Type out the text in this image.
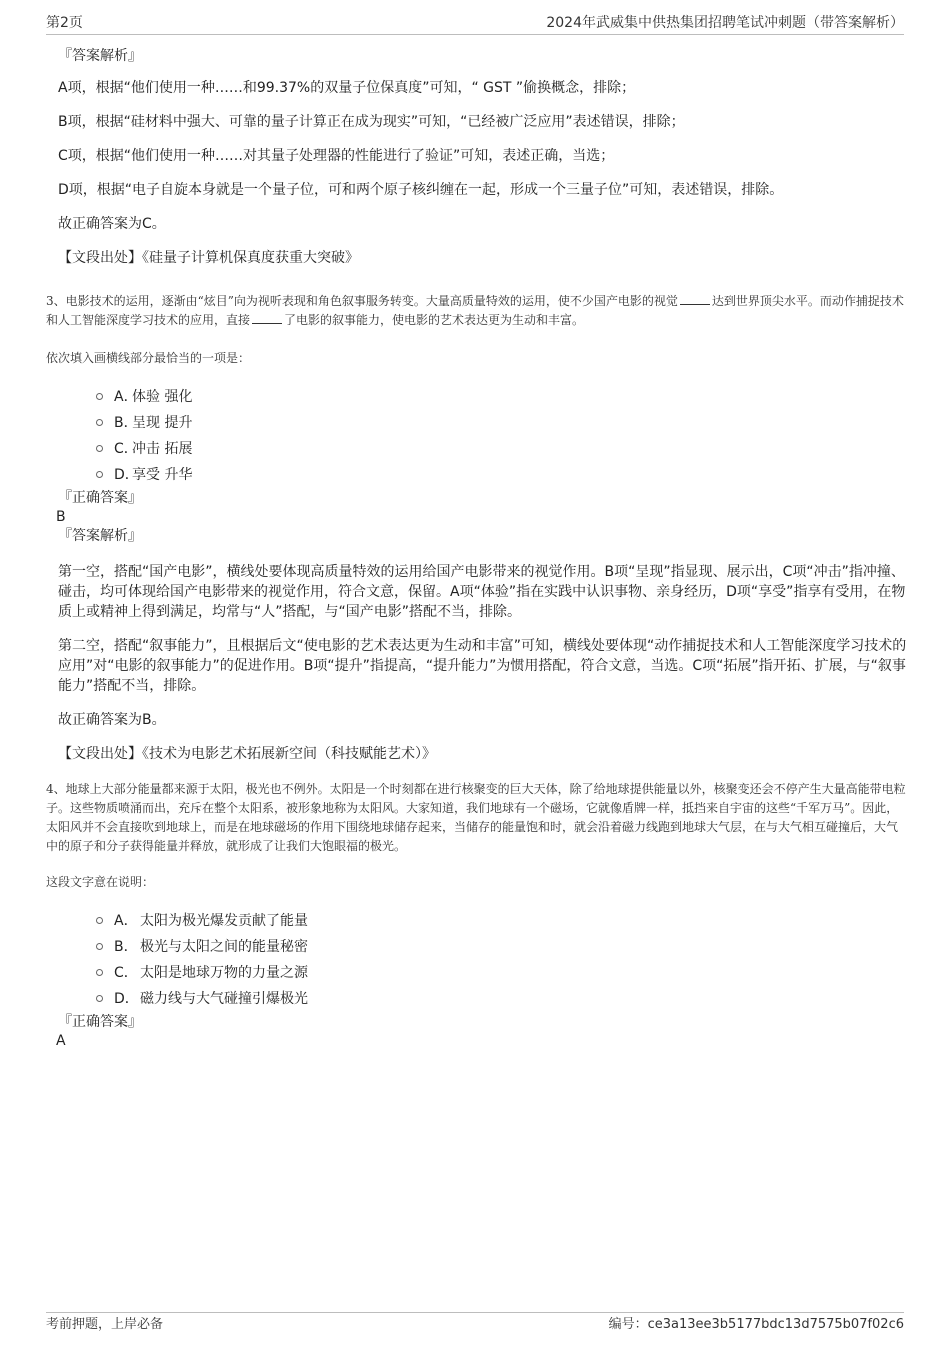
第2页	2024年武威集中供热集团招聘笔试冲刺题（带答案解析）

『答案解析』

A项，根据“他们使用一种……和99.37%的双量子位保真度”可知，“ GST ”偷换概念，排除；

B项，根据“硅材料中强大、可靠的量子计算正在成为现实”可知，“已经被广泛应用”表述错误，排除；

C项，根据“他们使用一种……对其量子处理器的性能进行了验证”可知，表述正确，当选；

D项，根据“电子自旋本身就是一个量子位，可和两个原子核纠缠在一起，形成一个三量子位”可知，表述错误，排除。

故正确答案为C。

【文段出处】《硅量子计算机保真度获重大突破》

3、电影技术的运用，逐渐由“炫目”向为视听表现和角色叙事服务转变。大量高质量特效的运用，使不少国产电影的视觉	达到世界顶尖水平。而动作捕捉技术和人工智能深度学习技术的应用，直接	了电影的叙事能力，使电影的艺术表达更为生动和丰富。

依次填入画横线部分最恰当的一项是：

A．体验 强化
B．呈现 提升
C．冲击 拓展
D．享受 升华

『正确答案』

B

『答案解析』

第一空，搭配“国产电影”，横线处要体现高质量特效的运用给国产电影带来的视觉作用。B项“呈现”指显现、展示出，C项“冲击”指冲撞、碰击，均可体现给国产电影带来的视觉作用，符合文意，保留。A项“体验”指在实践中认识事物、亲身经历，D项“享受”指享有受用，在物质上或精神上得到满足，均常与“人”搭配，与“国产电影”搭配不当，排除。

第二空，搭配“叙事能力”，且根据后文“使电影的艺术表达更为生动和丰富”可知，横线处要体现“动作捕捉技术和人工智能深度学习技术的应用”对“电影的叙事能力”的促进作用。B项“提升”指提高，“提升能力”为惯用搭配，符合文意，当选。C项“拓展”指开拓、扩展，与“叙事能力”搭配不当，排除。

故正确答案为B。

【文段出处】《技术为电影艺术拓展新空间（科技赋能艺术）》

4、地球上大部分能量都来源于太阳，极光也不例外。太阳是一个时刻都在进行核聚变的巨大天体，除了给地球提供能量以外，核聚变还会不停产生大量高能带电粒子。这些物质喷涌而出，充斥在整个太阳系，被形象地称为太阳风。大家知道，我们地球有一个磁场，它就像盾牌一样，抵挡来自宇宙的这些“千军万马”。因此，太阳风并不会直接吹到地球上，而是在地球磁场的作用下围绕地球储存起来，当储存的能量饱和时，就会沿着磁力线跑到地球大气层，在与大气相互碰撞后，大气中的原子和分子获得能量并释放，就形成了让我们大饱眼福的极光。

这段文字意在说明：

A． 太阳为极光爆发贡献了能量
B． 极光与太阳之间的能量秘密
C． 太阳是地球万物的力量之源
D．磁力线与大气碰撞引爆极光

『正确答案』

A

考前押题，上岸必备	编号：ce3a13ee3b5177bdc13d7575b07f02c6
